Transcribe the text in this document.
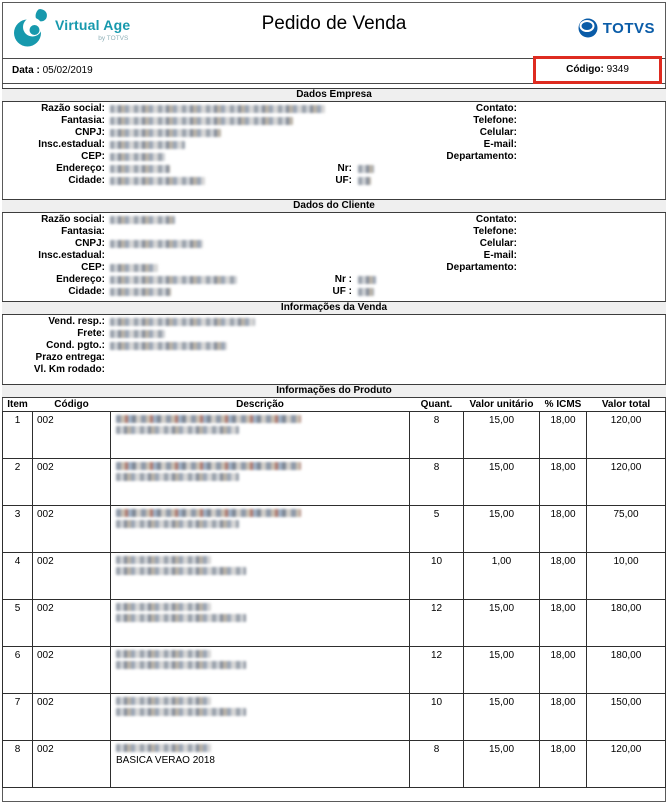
Virtual Age
by TOTVS
Pedido de Venda	TOTVS
Data : 05/02/2019	Código: 9349
Dados Empresa
Razão social:	Contato:
Fantasia:	Telefone:
CNPJ:	Celular:
Insc.estadual:	E-mail:
CEP:	Departamento:
Endereço:	Nr:
Cidade:	UF:
Dados do Cliente
Razão social:	Contato:
Fantasia:	Telefone:
CNPJ:	Celular:
Insc.estadual:	E-mail:
CEP:	Departamento:
Endereço:	Nr :
Cidade:	UF :
Informações da Venda
Vend. resp.:
Frete:
Cond. pgto.:
Prazo entrega:
Vl. Km rodado:
Informações do Produto
Item	Código	Descrição	Quant.	Valor unitário	% ICMS	Valor total
1	002		8	15,00	18,00	120,00
2	002		8	15,00	18,00	120,00
3	002		5	15,00	18,00	75,00
4	002		10	1,00	18,00	10,00
5	002		12	15,00	18,00	180,00
6	002		12	15,00	18,00	180,00
7	002		10	15,00	18,00	150,00
8	002	BASICA VERAO 2018	8	15,00	18,00	120,00
